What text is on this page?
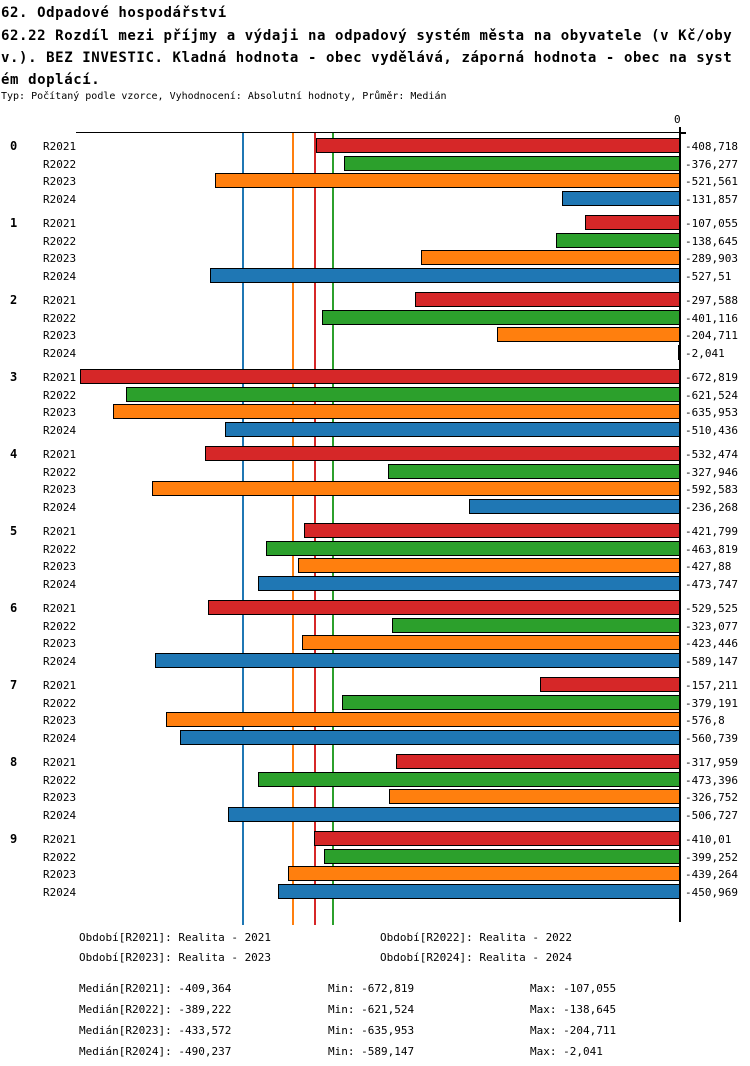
62. Odpadové hospodářství
62.22 Rozdíl mezi příjmy a výdaji na odpadový systém města na obyvatele (v Kč/oby
v.). BEZ INVESTIC. Kladná hodnota - obec vydělává, záporná hodnota - obec na syst
ém doplácí.
Typ: Počítaný podle vzorce, Vyhodnocení: Absolutní hodnoty, Průměr: Medián
0
0 R2021	-408,718
R2022	-376,277
R2023	-521,561
R2024	-131,857
1 R2021	-107,055
R2022	-138,645
R2023	-289,903
R2024	-527,51
2 R2021	-297,588
R2022	-401,116
R2023	-204,711
R2024	-2,041
3 R2021	-672,819
R2022	-621,524
R2023	-635,953
R2024	-510,436
4 R2021	-532,474
R2022	-327,946
R2023	-592,583
R2024	-236,268
5 R2021	-421,799
R2022	-463,819
R2023	-427,88
R2024	-473,747
6 R2021	-529,525
R2022	-323,077
R2023	-423,446
R2024	-589,147
7 R2021	-157,211
R2022	-379,191
R2023	-576,8
R2024	-560,739
8 R2021	-317,959
R2022	-473,396
R2023	-326,752
R2024	-506,727
9 R2021	-410,01
R2022	-399,252
R2023	-439,264
R2024	-450,969
Období[R2021]: Realita - 2021	Období[R2022]: Realita - 2022
Období[R2023]: Realita - 2023	Období[R2024]: Realita - 2024
Medián[R2021]: -409,364	Min: -672,819	Max: -107,055
Medián[R2022]: -389,222	Min: -621,524	Max: -138,645
Medián[R2023]: -433,572	Min: -635,953	Max: -204,711
Medián[R2024]: -490,237	Min: -589,147	Max: -2,041
